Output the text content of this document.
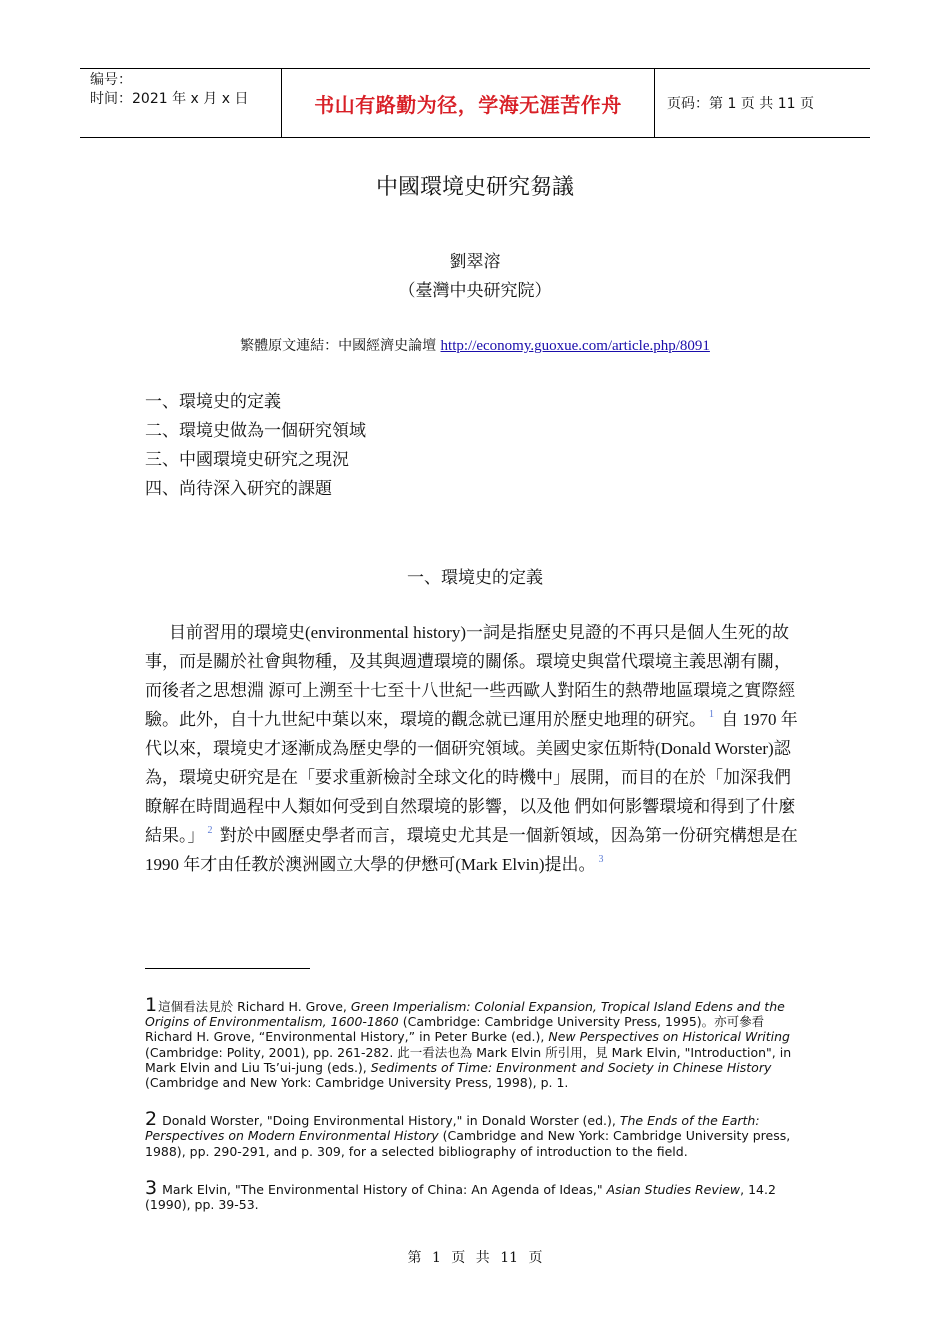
编号：
时间：2021 年 x 月 x 日	书山有路勤为径，学海无涯苦作舟	页码：第 1 页 共 11 页
中國環境史研究芻議
劉翠溶
（臺灣中央研究院）
繁體原文連結：中國經濟史論壇 http://economy.guoxue.com/article.php/8091
一、環境史的定義
二、環境史做為一個研究領域
三、中國環境史研究之現況
四、尚待深入研究的課題
一、環境史的定義
目前習用的環境史(environmental history)一詞是指歷史見證的不再只是個人生死的故事，而是關於社會與物種，及其與週遭環境的關係。環境史與當代環境主義思潮有關，而後者之思想淵 源可上溯至十七至十八世紀一些西歐人對陌生的熱帶地區環境之實際經驗。此外，自十九世紀中葉以來，環境的觀念就已運用於歷史地理的研究。 $^1$ 自 1970 年代以來，環境史才逐漸成為歷史學的一個研究領域。美國史家伍斯特(Donald Worster)認為，環境史研究是在「要求重新檢討全球文化的時機中」展開，而目的在於「加深我們瞭解在時間過程中人類如何受到自然環境的影響，以及他 們如何影響環境和得到了什麼結果。」 $^2$ 對於中國歷史學者而言，環境史尤其是一個新領域，因為第一份研究構想是在 1990 年才由任教於澳洲國立大學的伊懋可(Mark Elvin)提出。 $^3$
1這個看法見於 Richard H. Grove, Green Imperialism: Colonial Expansion, Tropical Island Edens and the Origins of Environmentalism, 1600-1860 (Cambridge: Cambridge University Press, 1995)。亦可參看 Richard H. Grove, “Environmental History,” in Peter Burke (ed.), New Perspectives on Historical Writing (Cambridge: Polity, 2001), pp. 261-282. 此一看法也為 Mark Elvin 所引用，見 Mark Elvin, "Introduction", in Mark Elvin and Liu Ts’ui-jung (eds.), Sediments of Time: Environment and Society in Chinese History (Cambridge and New York: Cambridge University Press, 1998), p. 1.
2 Donald Worster, "Doing Environmental History," in Donald Worster (ed.), The Ends of the Earth: Perspectives on Modern Environmental History (Cambridge and New York: Cambridge University press, 1988), pp. 290-291, and p. 309, for a selected bibliography of introduction to the field.
3 Mark Elvin, "The Environmental History of China: An Agenda of Ideas," Asian Studies Review, 14.2 (1990), pp. 39-53.
第 1 页 共 11 页
